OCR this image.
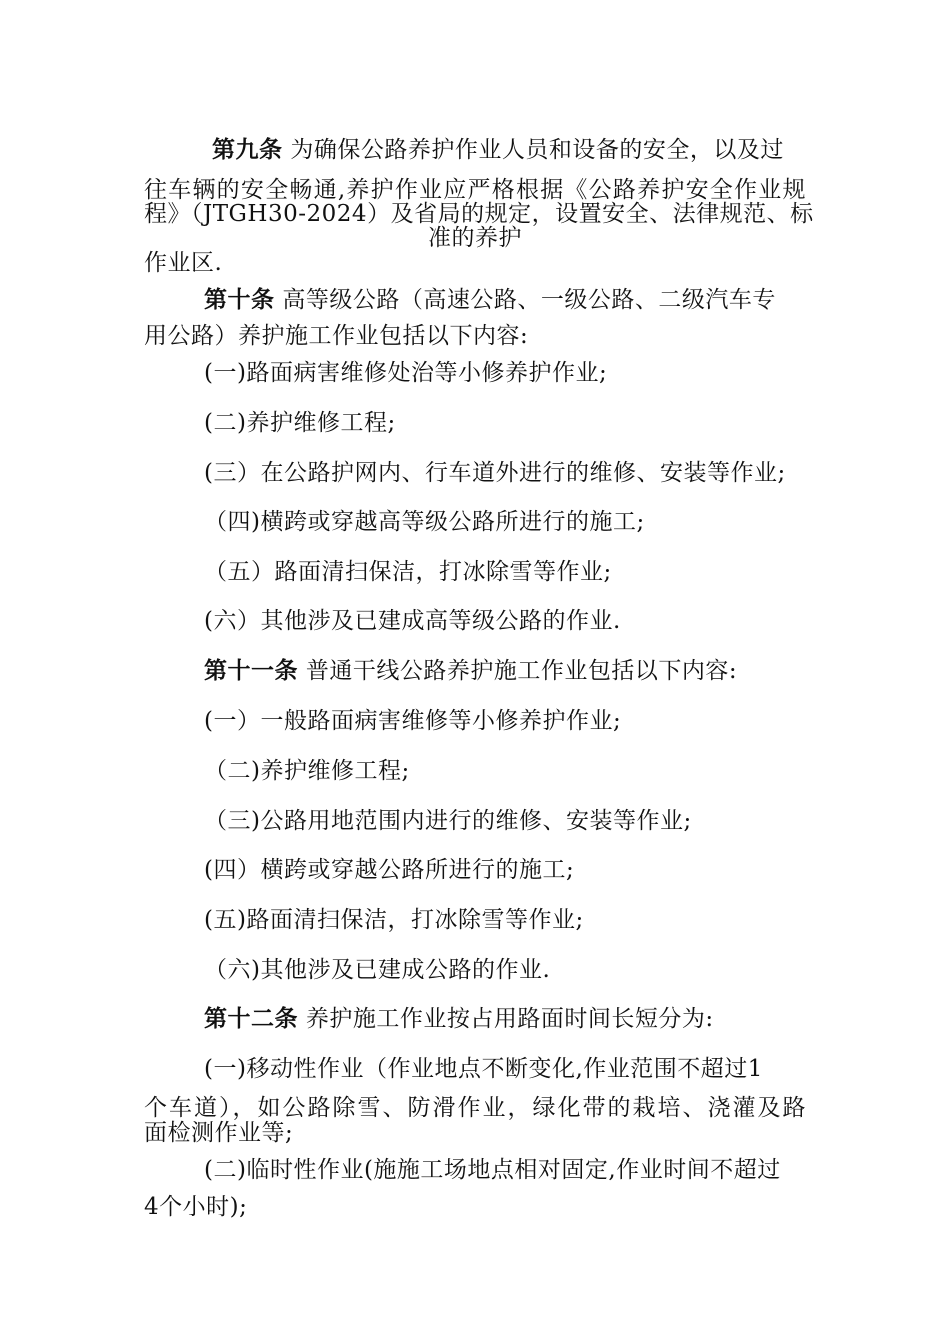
第九条 为确保公路养护作业人员和设备的安全，以及过
往车辆的安全畅通,养护作业应严格根据《公路养护安全作业规
程》（JTGH30-2024）及省局的规定，设置安全、法律规范、标
准的养护
作业区.
第十条 高等级公路（高速公路、一级公路、二级汽车专
用公路）养护施工作业包括以下内容:
(一)路面病害维修处治等小修养护作业;
(二)养护维修工程;
(三）在公路护网内、行车道外进行的维修、安装等作业;
（四)横跨或穿越高等级公路所进行的施工;
（五）路面清扫保洁，打冰除雪等作业;
(六）其他涉及已建成高等级公路的作业.
第十一条 普通干线公路养护施工作业包括以下内容:
(一）一般路面病害维修等小修养护作业;
（二)养护维修工程;
（三)公路用地范围内进行的维修、安装等作业;
(四）横跨或穿越公路所进行的施工;
(五)路面清扫保洁，打冰除雪等作业;
（六)其他涉及已建成公路的作业.
第十二条 养护施工作业按占用路面时间长短分为:
(一)移动性作业（作业地点不断变化,作业范围不超过1
个车道），如公路除雪、防滑作业，绿化带的栽培、浇灌及路
面检测作业等;
(二)临时性作业(施施工场地点相对固定,作业时间不超过
4个小时);
